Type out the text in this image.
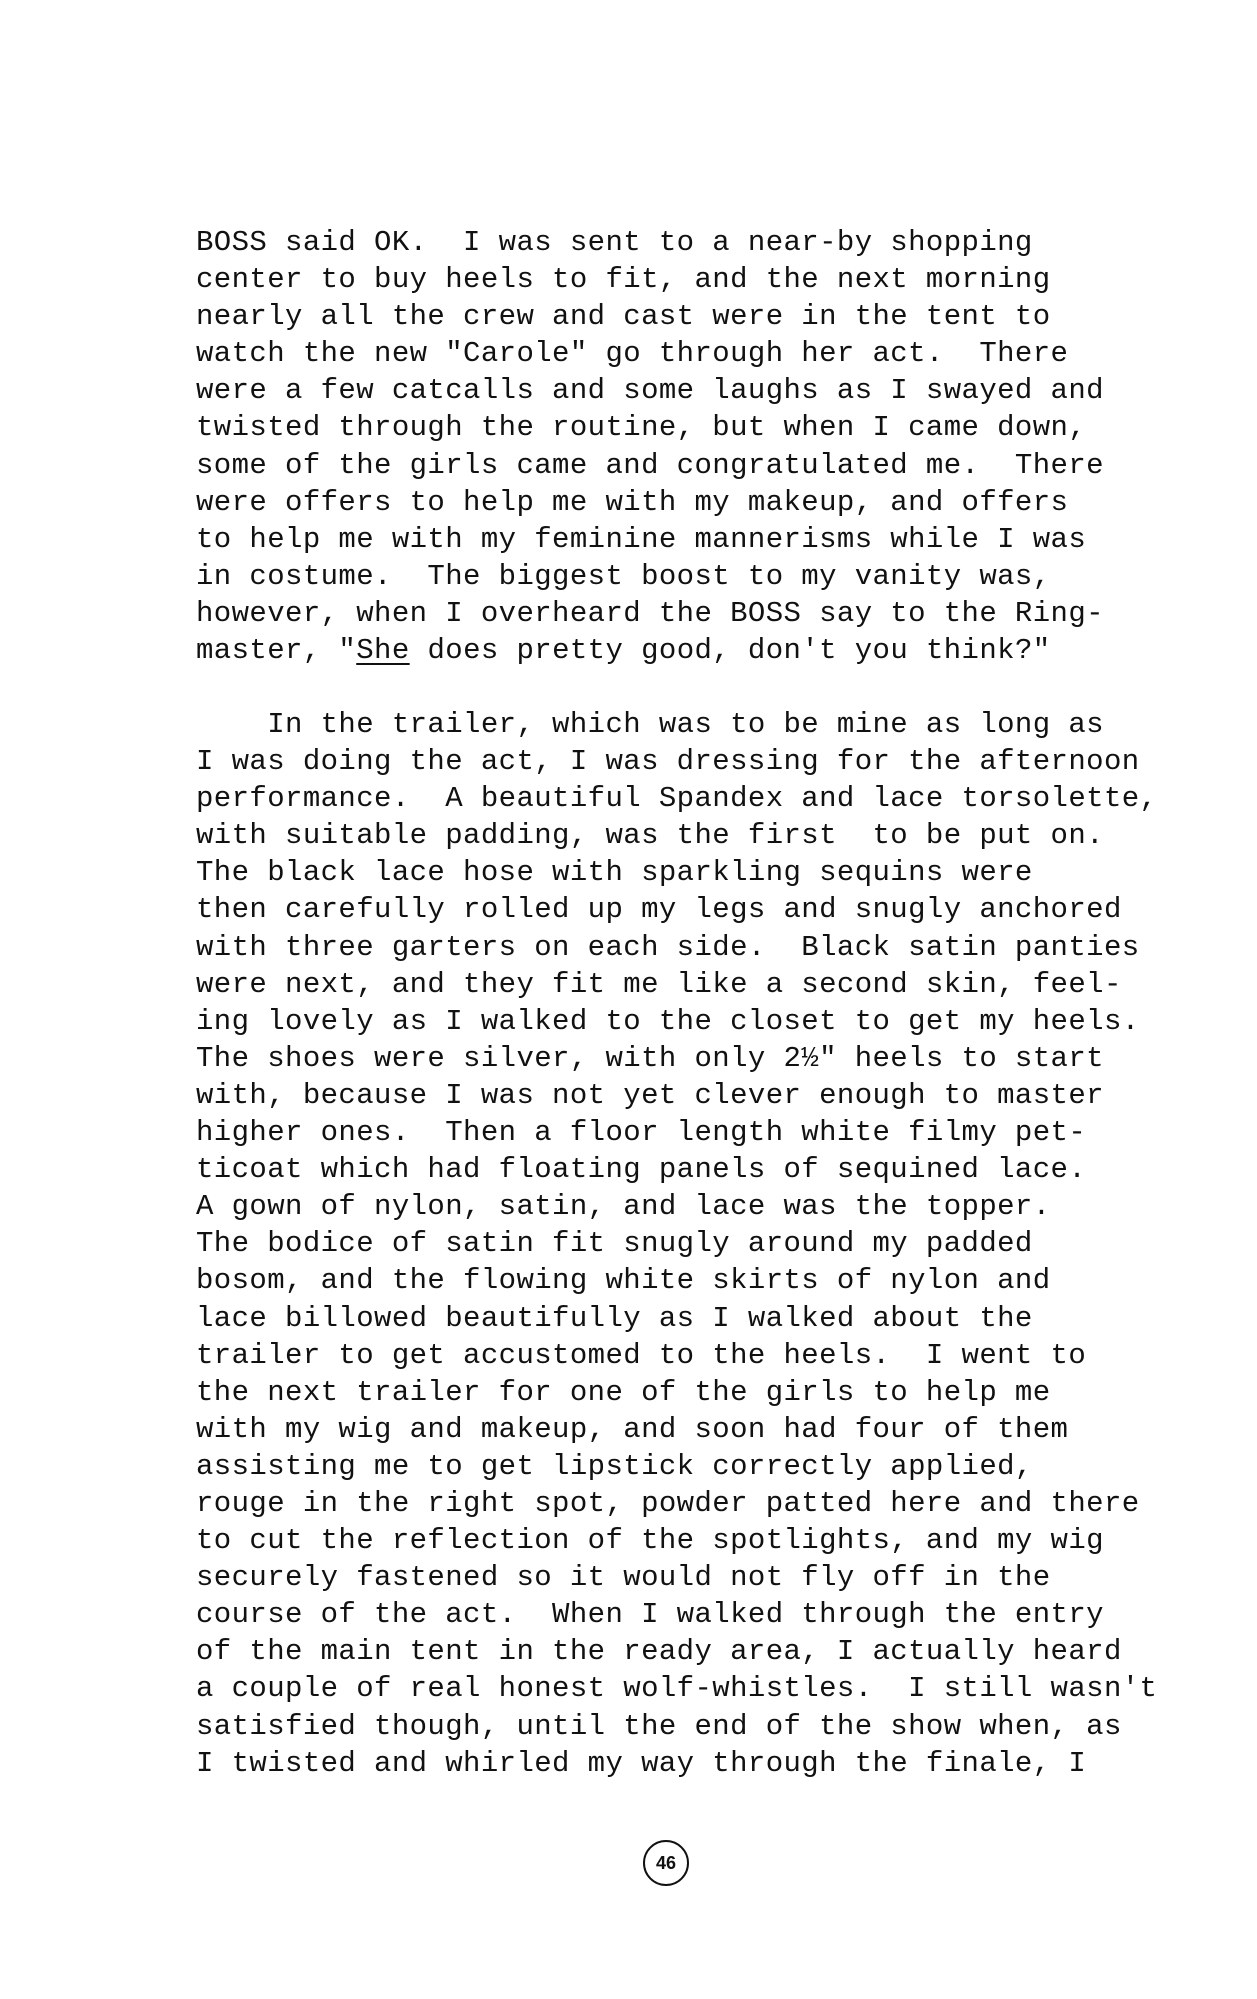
BOSS said OK.  I was sent to a near-by shopping
center to buy heels to fit, and the next morning
nearly all the crew and cast were in the tent to
watch the new "Carole" go through her act.  There
were a few catcalls and some laughs as I swayed and
twisted through the routine, but when I came down,
some of the girls came and congratulated me.  There
were offers to help me with my makeup, and offers
to help me with my feminine mannerisms while I was
in costume.  The biggest boost to my vanity was,
however, when I overheard the BOSS say to the Ring-
master, "She does pretty good, don't you think?"
In the trailer, which was to be mine as long as
I was doing the act, I was dressing for the afternoon
performance.  A beautiful Spandex and lace torsolette,
with suitable padding, was the first  to be put on.
The black lace hose with sparkling sequins were
then carefully rolled up my legs and snugly anchored
with three garters on each side.  Black satin panties
were next, and they fit me like a second skin, feel-
ing lovely as I walked to the closet to get my heels.
The shoes were silver, with only 2½" heels to start
with, because I was not yet clever enough to master
higher ones.  Then a floor length white filmy pet-
ticoat which had floating panels of sequined lace.
A gown of nylon, satin, and lace was the topper.
The bodice of satin fit snugly around my padded
bosom, and the flowing white skirts of nylon and
lace billowed beautifully as I walked about the
trailer to get accustomed to the heels.  I went to
the next trailer for one of the girls to help me
with my wig and makeup, and soon had four of them
assisting me to get lipstick correctly applied,
rouge in the right spot, powder patted here and there
to cut the reflection of the spotlights, and my wig
securely fastened so it would not fly off in the
course of the act.  When I walked through the entry
of the main tent in the ready area, I actually heard
a couple of real honest wolf-whistles.  I still wasn't
satisfied though, until the end of the show when, as
I twisted and whirled my way through the finale, I
46
